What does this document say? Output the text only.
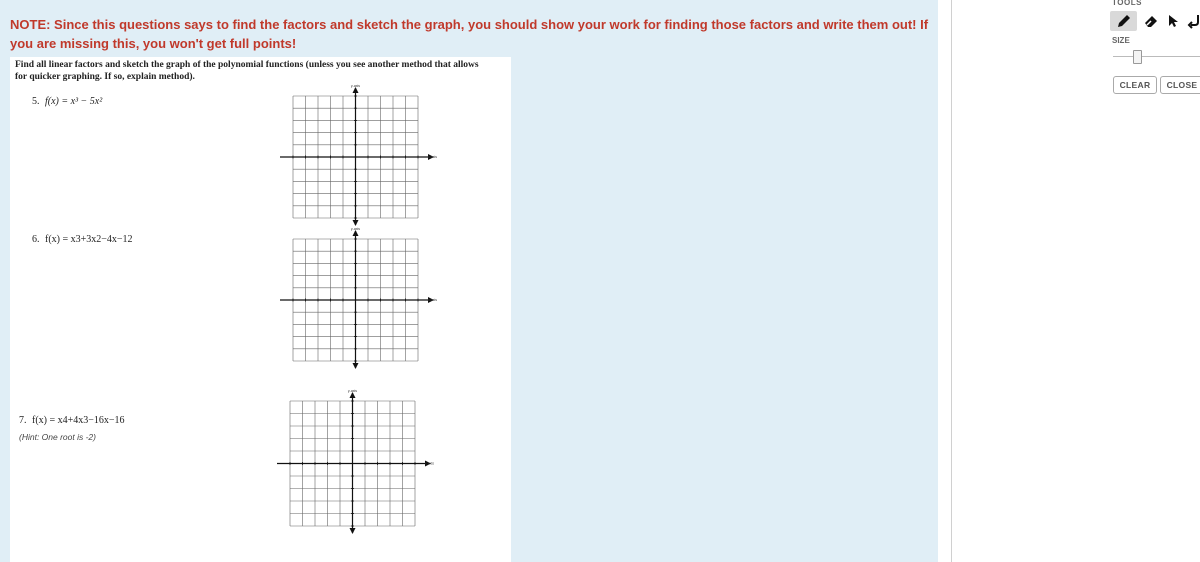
NOTE: Since this questions says to find the factors and sketch the graph, you should show your work for finding those factors and write them out! If you are missing this, you won't get full points!
Find all linear factors and sketch the graph of the polynomial functions (unless you see another method that allows for quicker graphing. If so, explain method).
5. f(x) = x³ − 5x²
6. f(x) = x3+3x2−4x−12
7. f(x) = x4+4x3−16x−16
(Hint: One root is -2)
y-axis
x-axis
y-axis
x-axis
y-axis
x-axis
TOOLS
SIZE
CLEAR	CLOSE
